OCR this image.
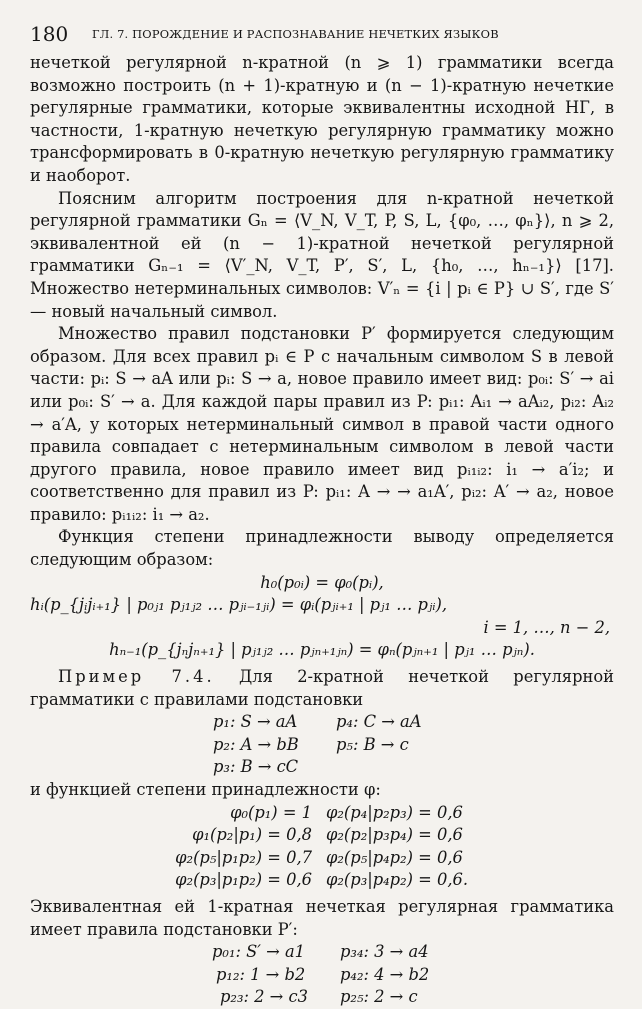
180 ГЛ. 7. ПОРОЖДЕНИЕ И РАСПОЗНАВАНИЕ НЕЧЕТКИХ ЯЗЫКОВ

нечеткой регулярной n-кратной (n ⩾ 1) грамматики всегда возможно построить (n + 1)-кратную и (n − 1)-кратную нечеткие регулярные грамматики, которые эквивалентны исходной НГ, в частности, 1-кратную нечеткую регулярную грамматику можно трансформировать в 0-кратную нечеткую регулярную грамматику и наоборот.

Поясним алгоритм построения для n-кратной нечеткой регулярной грамматики Gₙ = ⟨V_N, V_T, P, S, L, {φ₀, …, φₙ}⟩, n ⩾ 2, эквивалентной ей (n − 1)-кратной нечеткой регулярной грамматики Gₙ₋₁ = ⟨V′_N, V_T, P′, S′, L, {h₀, …, hₙ₋₁}⟩ [17]. Множество нетерминальных символов: V′ₙ = {i | pᵢ ∈ P} ∪ S′, где S′ — новый начальный символ.

Множество правил подстановки P′ формируется следующим образом. Для всех правил pᵢ ∈ P с начальным символом S в левой части: pᵢ: S → aA или pᵢ: S → a, новое правило имеет вид: p₀ᵢ: S′ → ai или p₀ᵢ: S′ → a. Для каждой пары правил из P: pᵢ₁: Aᵢ₁ → aAᵢ₂, pᵢ₂: Aᵢ₂ → a′A, у которых нетерминальный символ в правой части одного правила совпадает с нетерминальным символом в левой части другого правила, новое правило имеет вид pᵢ₁ᵢ₂: i₁ → a′i₂; и соответственно для правил из P: pᵢ₁: A → → a₁A′, pᵢ₂: A′ → a₂, новое правило: pᵢ₁ᵢ₂: i₁ → a₂.

Функция степени принадлежности выводу определяется следующим образом:

h₀(p₀ᵢ) = φ₀(pᵢ),
hᵢ(p_{jᵢjᵢ₊₁} | p₀ⱼ₁ pⱼ₁ⱼ₂ … pⱼᵢ₋₁ⱼᵢ) = φᵢ(pⱼᵢ₊₁ | pⱼ₁ … pⱼᵢ),
i = 1, …, n − 2,
hₙ₋₁(p_{jₙjₙ₊₁} | pⱼ₁ⱼ₂ … pⱼₙ₊₁ⱼₙ) = φₙ(pⱼₙ₊₁ | pⱼ₁ … pⱼₙ).

Пример 7.4. Для 2-кратной нечеткой регулярной грамматики с правилами подстановки

p₁: S → aA p₄: C → aA
p₂: A → bB p₅: B → c
p₃: B → cC

и функцией степени принадлежности φ:

φ₀(p₁) = 1 φ₂(p₄|p₂p₃) = 0,6
φ₁(p₂|p₁) = 0,8 φ₂(p₂|p₃p₄) = 0,6
φ₂(p₅|p₁p₂) = 0,7 φ₂(p₅|p₄p₂) = 0,6
φ₂(p₃|p₁p₂) = 0,6 φ₂(p₃|p₄p₂) = 0,6.

Эквивалентная ей 1-кратная нечеткая регулярная грамматика имеет правила подстановки P′:

p₀₁: S′ → a1 p₃₄: 3 → a4
p₁₂: 1 → b2 p₄₂: 4 → b2
p₂₃: 2 → c3 p₂₅: 2 → c
